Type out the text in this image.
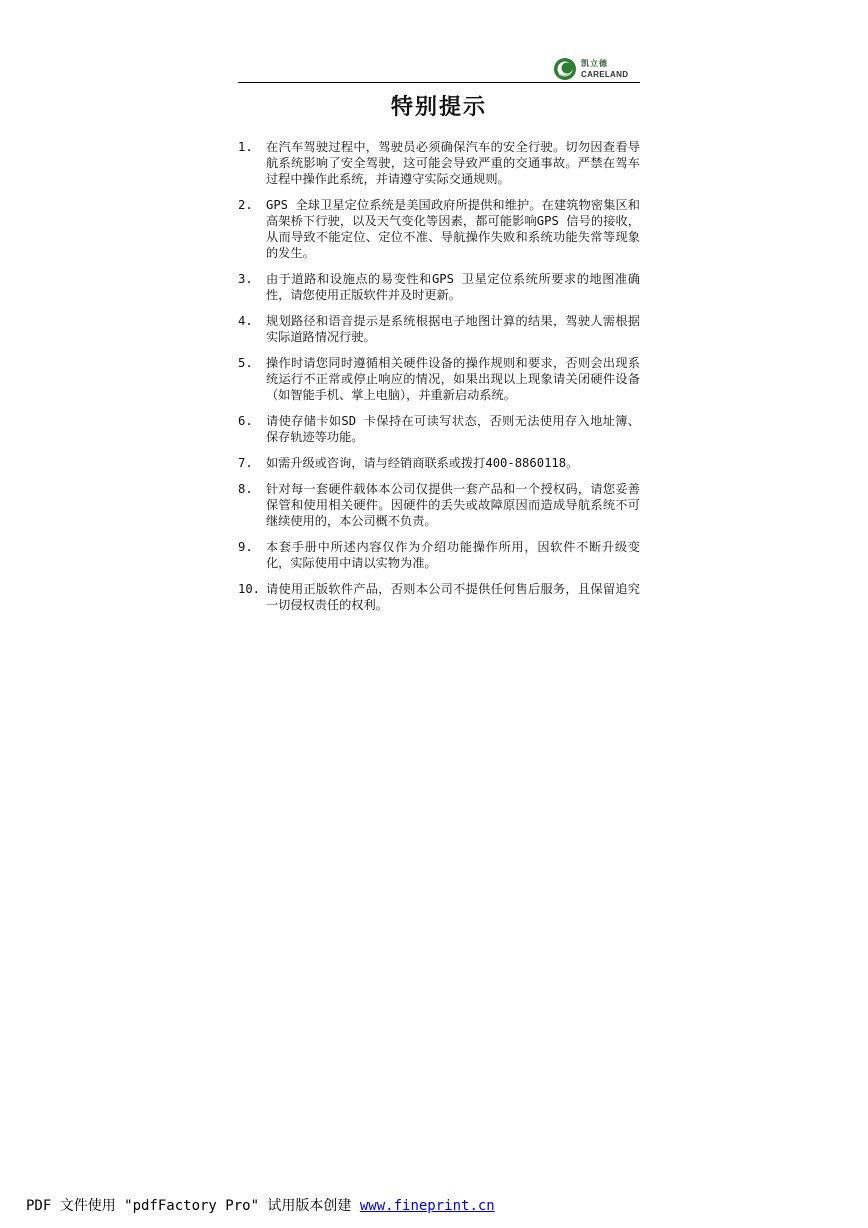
凯立德
CARELAND
特别提示
1.	在汽车驾驶过程中，驾驶员必须确保汽车的安全行驶。切勿因查看导航系统影响了安全驾驶，这可能会导致严重的交通事故。严禁在驾车过程中操作此系统，并请遵守实际交通规则。
2.	GPS 全球卫星定位系统是美国政府所提供和维护。在建筑物密集区和高架桥下行驶，以及天气变化等因素，都可能影响GPS 信号的接收，从而导致不能定位、定位不准、导航操作失败和系统功能失常等现象的发生。
3.	由于道路和设施点的易变性和GPS 卫星定位系统所要求的地图准确性，请您使用正版软件并及时更新。
4.	规划路径和语音提示是系统根据电子地图计算的结果，驾驶人需根据实际道路情况行驶。
5.	操作时请您同时遵循相关硬件设备的操作规则和要求，否则会出现系统运行不正常或停止响应的情况，如果出现以上现象请关闭硬件设备（如智能手机、掌上电脑），并重新启动系统。
6.	请使存储卡如SD 卡保持在可读写状态，否则无法使用存入地址簿、保存轨迹等功能。
7.	如需升级或咨询，请与经销商联系或拨打400-8860118。
8.	针对每一套硬件载体本公司仅提供一套产品和一个授权码，请您妥善保管和使用相关硬件。因硬件的丢失或故障原因而造成导航系统不可继续使用的，本公司概不负责。
9.	本套手册中所述内容仅作为介绍功能操作所用，因软件不断升级变化，实际使用中请以实物为准。
10. 请使用正版软件产品，否则本公司不提供任何售后服务，且保留追究一切侵权责任的权利。
PDF 文件使用 "pdfFactory Pro" 试用版本创建 www.fineprint.cn
